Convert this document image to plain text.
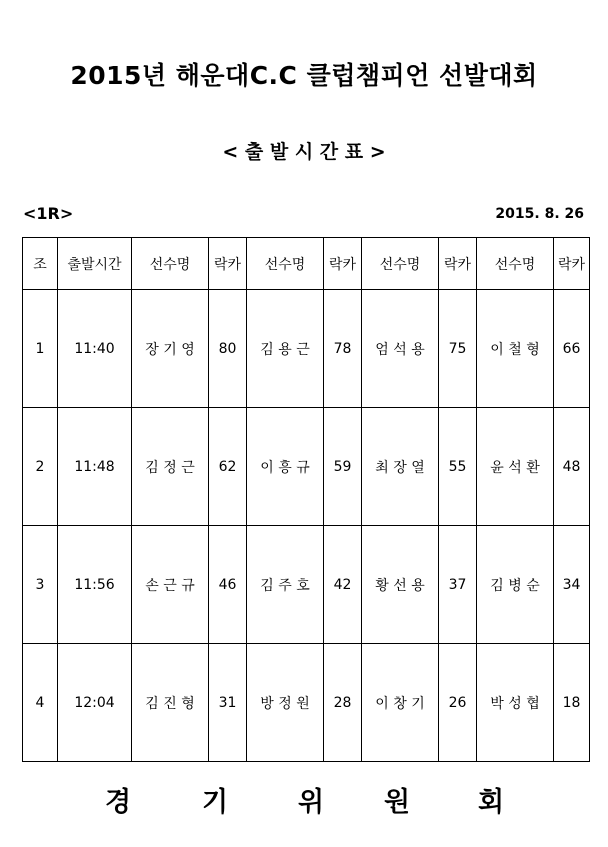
2015년 해운대C.C 클럽챔피언 선발대회
< 출 발 시 간 표 >
<1R>	2015. 8. 26
조	출발시간	선수명	락카	선수명	락카	선수명	락카	선수명	락카
1	11:40	장 기 영	80	김 용 근	78	엄 석 용	75	이 철 형	66
2	11:48	김 정 근	62	이 흥 규	59	최 장 열	55	윤 석 환	48
3	11:56	손 근 규	46	김 주 호	42	황 선 용	37	김 병 순	34
4	12:04	김 진 형	31	방 정 원	28	이 창 기	26	박 성 협	18
경	기	위 원	회
